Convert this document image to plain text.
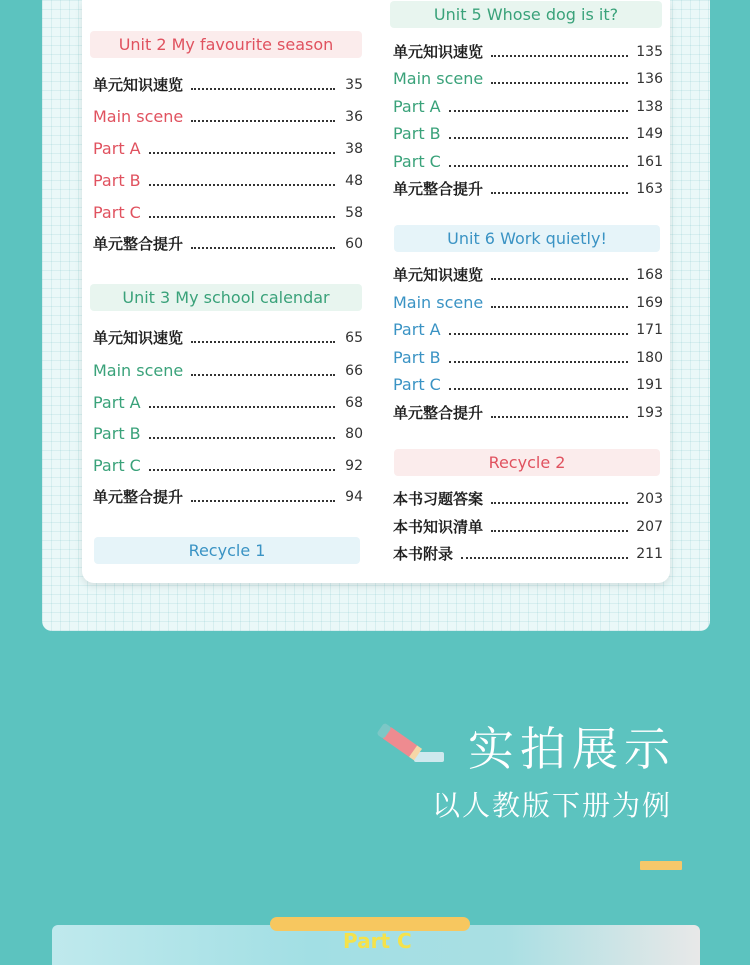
Unit 2 My favourite season
单元知识速览	35
Main scene	36
Part A	38
Part B	48
Part C	58
单元整合提升	60
Unit 3 My school calendar
单元知识速览	65
Main scene	66
Part A	68
Part B	80
Part C	92
单元整合提升	94
Recycle 1
Unit 5 Whose dog is it?
单元知识速览	135
Main scene	136
Part A	138
Part B	149
Part C	161
单元整合提升	163
Unit 6 Work quietly!
单元知识速览	168
Main scene	169
Part A	171
Part B	180
Part C	191
单元整合提升	193
Recycle 2
本书习题答案	203
本书知识清单	207
本书附录	211
实拍展示
以人教版下册为例
Part C
